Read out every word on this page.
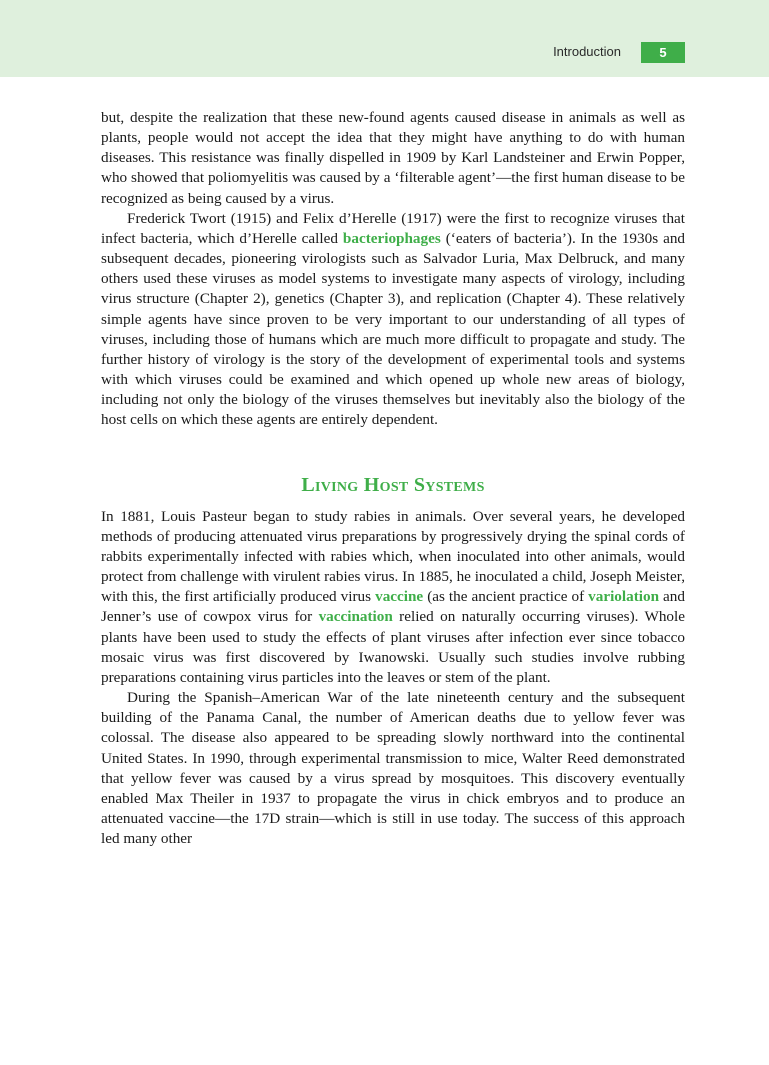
Introduction	5

but, despite the realization that these new-found agents caused disease in animals as well as plants, people would not accept the idea that they might have anything to do with human diseases. This resistance was finally dispelled in 1909 by Karl Landsteiner and Erwin Popper, who showed that poliomyelitis was caused by a ‘filterable agent’—the first human disease to be recognized as being caused by a virus.

Frederick Twort (1915) and Felix d’Herelle (1917) were the first to recognize viruses that infect bacteria, which d’Herelle called bacteriophages (‘eaters of bacteria’). In the 1930s and subsequent decades, pioneering virologists such as Salvador Luria, Max Delbruck, and many others used these viruses as model systems to investigate many aspects of virology, including virus structure (Chapter 2), genetics (Chapter 3), and replication (Chapter 4). These relatively simple agents have since proven to be very important to our understanding of all types of viruses, including those of humans which are much more difficult to propagate and study. The further history of virology is the story of the development of experimental tools and systems with which viruses could be examined and which opened up whole new areas of biology, including not only the biology of the viruses themselves but inevitably also the biology of the host cells on which these agents are entirely dependent.

Living Host Systems

In 1881, Louis Pasteur began to study rabies in animals. Over several years, he developed methods of producing attenuated virus preparations by progressively drying the spinal cords of rabbits experimentally infected with rabies which, when inoculated into other animals, would protect from challenge with virulent rabies virus. In 1885, he inoculated a child, Joseph Meister, with this, the first artificially produced virus vaccine (as the ancient practice of variolation and Jenner’s use of cowpox virus for vaccination relied on naturally occurring viruses). Whole plants have been used to study the effects of plant viruses after infection ever since tobacco mosaic virus was first discovered by Iwanowski. Usually such studies involve rubbing preparations containing virus particles into the leaves or stem of the plant.

During the Spanish–American War of the late nineteenth century and the subsequent building of the Panama Canal, the number of American deaths due to yellow fever was colossal. The disease also appeared to be spreading slowly northward into the continental United States. In 1990, through experimental transmission to mice, Walter Reed demonstrated that yellow fever was caused by a virus spread by mosquitoes. This discovery eventually enabled Max Theiler in 1937 to propagate the virus in chick embryos and to produce an attenuated vaccine—the 17D strain—which is still in use today. The success of this approach led many other
